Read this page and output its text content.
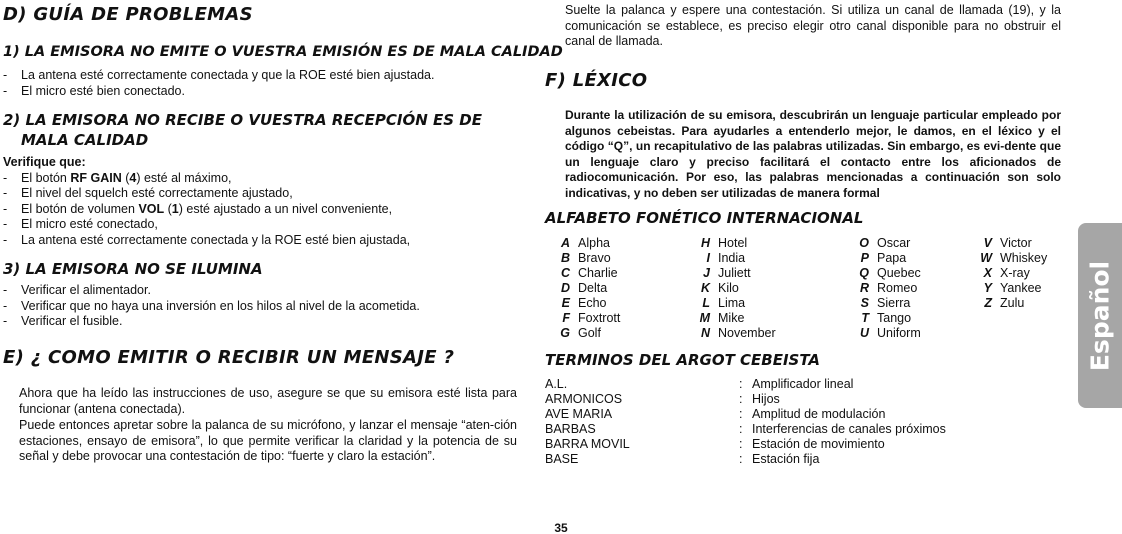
D) GUÍA DE PROBLEMAS
1) LA EMISORA NO EMITE O VUESTRA EMISIÓN ES DE MALA CALIDAD
- La antena esté correctamente conectada y que la ROE esté bien ajustada.
- El micro esté bien conectado.
2) LA EMISORA NO RECIBE O VUESTRA RECEPCIÓN ES DE MALA CALIDAD
Verifique que:
- El botón RF GAIN (4) esté al máximo,
- El nivel del squelch esté correctamente ajustado,
- El botón de volumen VOL (1) esté ajustado a un nivel conveniente,
- El micro esté conectado,
- La antena esté correctamente conectada y la ROE esté bien ajustada,
3) LA EMISORA NO SE ILUMINA
- Verificar el alimentador.
- Verificar que no haya una inversión en los hilos al nivel de la acometida.
- Verificar el fusible.
E) ¿ COMO EMITIR O RECIBIR UN MENSAJE ?
Ahora que ha leído las instrucciones de uso, asegure se que su emisora esté lista para funcionar (antena conectada).
Puede entonces apretar sobre la palanca de su micrófono, y lanzar el mensaje “aten-ción estaciones, ensayo de emisora”, lo que permite verificar la claridad y la potencia de su señal y debe provocar una contestación de tipo: “fuerte y claro la estación”.
Suelte la palanca y espere una contestación. Si utiliza un canal de llamada (19), y la comunicación se establece, es preciso elegir otro canal disponible para no obstruir el canal de llamada.
F) LÉXICO
Durante la utilización de su emisora, descubrirán un lenguaje particular empleado por algunos cebeistas. Para ayudarles a entenderlo mejor, le damos, en el léxico y el código “Q”, un recapitulativo de las palabras utilizadas. Sin embargo, es evi-dente que un lenguaje claro y preciso facilitará el contacto entre los aficionados de radiocomunicación. Por eso, las palabras mencionadas a continuación son solo indicativas, y no deben ser utilizadas de manera formal
ALFABETO FONÉTICO INTERNACIONAL
A Alpha
B Bravo
C Charlie
D Delta
E Echo
F Foxtrott
G Golf
H Hotel
I India
J Juliett
K Kilo
L Lima
M Mike
N November
O Oscar
P Papa
Q Quebec
R Romeo
S Sierra
T Tango
U Uniform
V Victor
W Whiskey
X X-ray
Y Yankee
Z Zulu
TERMINOS DEL ARGOT CEBEISTA
A.L.
ARMONICOS
AVE MARIA
BARBAS
BARRA MOVIL
BASE
:
:
:
:
:
:
Amplificador lineal
Hijos
Amplitud de modulación
Interferencias de canales próximos
Estación de movimiento
Estación fija
Español
35
